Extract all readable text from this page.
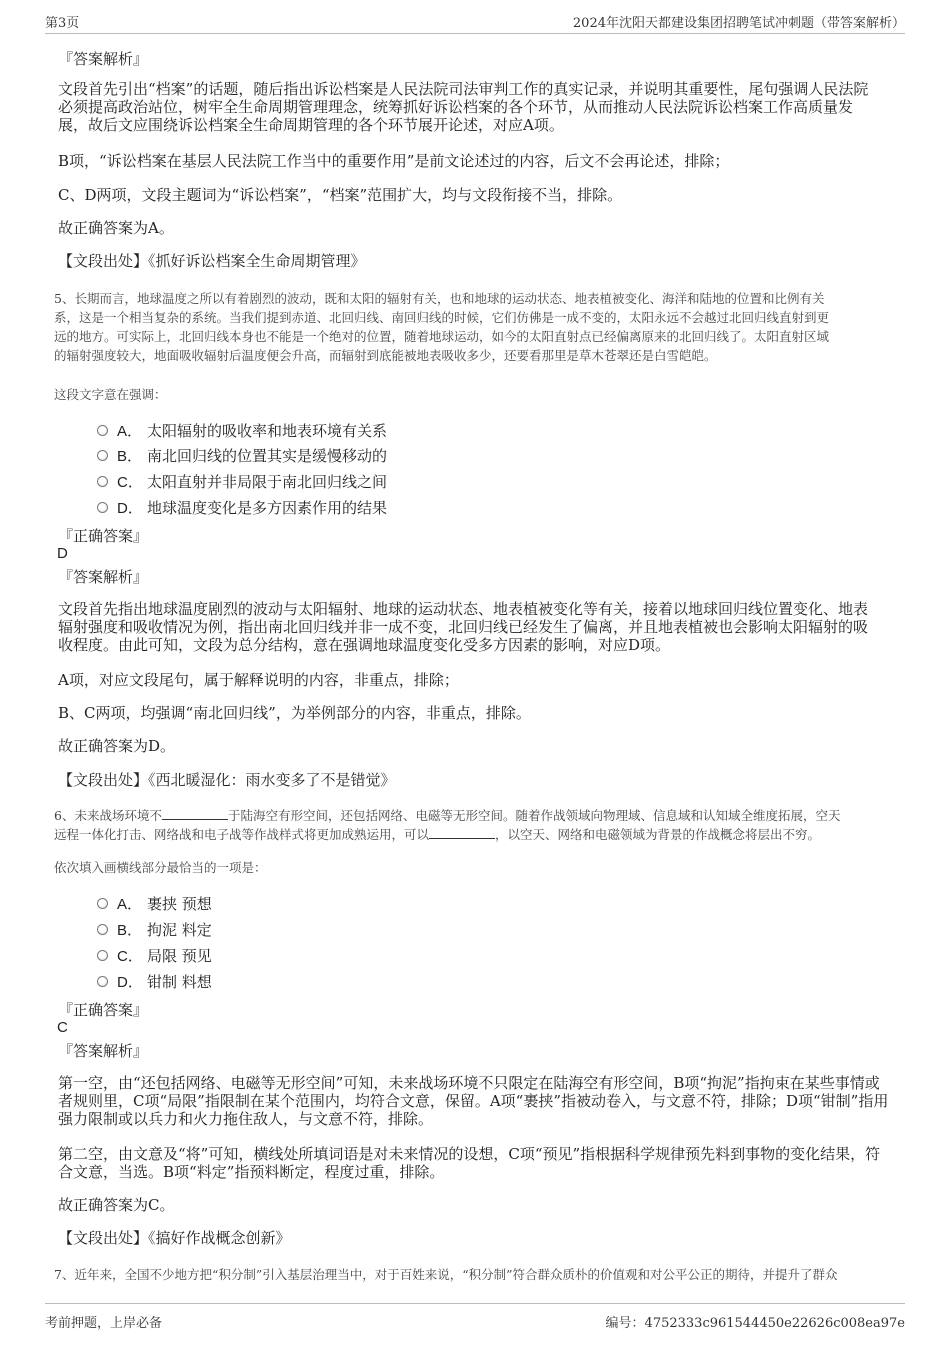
第3页	2024年沈阳天都建设集团招聘笔试冲刺题（带答案解析）
『答案解析』
文段首先引出“档案”的话题，随后指出诉讼档案是人民法院司法审判工作的真实记录，并说明其重要性，尾句强调人民法院
必须提高政治站位，树牢全生命周期管理理念，统筹抓好诉讼档案的各个环节，从而推动人民法院诉讼档案工作高质量发
展，故后文应围绕诉讼档案全生命周期管理的各个环节展开论述，对应A项。
B项，“诉讼档案在基层人民法院工作当中的重要作用”是前文论述过的内容，后文不会再论述，排除；
C、D两项，文段主题词为“诉讼档案”，“档案”范围扩大，均与文段衔接不当，排除。
故正确答案为A。
【文段出处】《抓好诉讼档案全生命周期管理》
5、长期而言，地球温度之所以有着剧烈的波动，既和太阳的辐射有关，也和地球的运动状态、地表植被变化、海洋和陆地的位置和比例有关
系，这是一个相当复杂的系统。当我们提到赤道、北回归线、南回归线的时候，它们仿佛是一成不变的，太阳永远不会越过北回归线直射到更
远的地方。可实际上，北回归线本身也不能是一个绝对的位置，随着地球运动，如今的太阳直射点已经偏离原来的北回归线了。太阳直射区域
的辐射强度较大，地面吸收辐射后温度便会升高，而辐射到底能被地表吸收多少，还要看那里是草木苍翠还是白雪皑皑。
这段文字意在强调：
A． 太阳辐射的吸收率和地表环境有关系
B． 南北回归线的位置其实是缓慢移动的
C． 太阳直射并非局限于南北回归线之间
D． 地球温度变化是多方因素作用的结果
『正确答案』
D
『答案解析』
文段首先指出地球温度剧烈的波动与太阳辐射、地球的运动状态、地表植被变化等有关，接着以地球回归线位置变化、地表
辐射强度和吸收情况为例，指出南北回归线并非一成不变，北回归线已经发生了偏离，并且地表植被也会影响太阳辐射的吸
收程度。由此可知，文段为总分结构，意在强调地球温度变化受多方因素的影响，对应D项。
A项，对应文段尾句，属于解释说明的内容，非重点，排除；
B、C两项，均强调“南北回归线”，为举例部分的内容，非重点，排除。
故正确答案为D。
【文段出处】《西北暖湿化：雨水变多了不是错觉》
6、未来战场环境不	于陆海空有形空间，还包括网络、电磁等无形空间。随着作战领域向物理域、信息域和认知域全维度拓展，空天
远程一体化打击、网络战和电子战等作战样式将更加成熟运用，可以	，以空天、网络和电磁领域为背景的作战概念将层出不穷。
依次填入画横线部分最恰当的一项是：
A． 裹挟 预想
B． 拘泥 料定
C． 局限 预见
D． 钳制 料想
『正确答案』
C
『答案解析』
第一空，由“还包括网络、电磁等无形空间”可知，未来战场环境不只限定在陆海空有形空间，B项“拘泥”指拘束在某些事情或
者规则里，C项“局限”指限制在某个范围内，均符合文意，保留。A项“裹挟”指被动卷入，与文意不符，排除；D项“钳制”指用
强力限制或以兵力和火力拖住敌人，与文意不符，排除。
第二空，由文意及“将”可知，横线处所填词语是对未来情况的设想，C项“预见”指根据科学规律预先料到事物的变化结果，符
合文意，当选。B项“料定”指预料断定，程度过重，排除。
故正确答案为C。
【文段出处】《搞好作战概念创新》
7、近年来，全国不少地方把“积分制”引入基层治理当中，对于百姓来说，“积分制”符合群众质朴的价值观和对公平公正的期待，并提升了群众
考前押题，上岸必备	编号：4752333c961544450e22626c008ea97e
